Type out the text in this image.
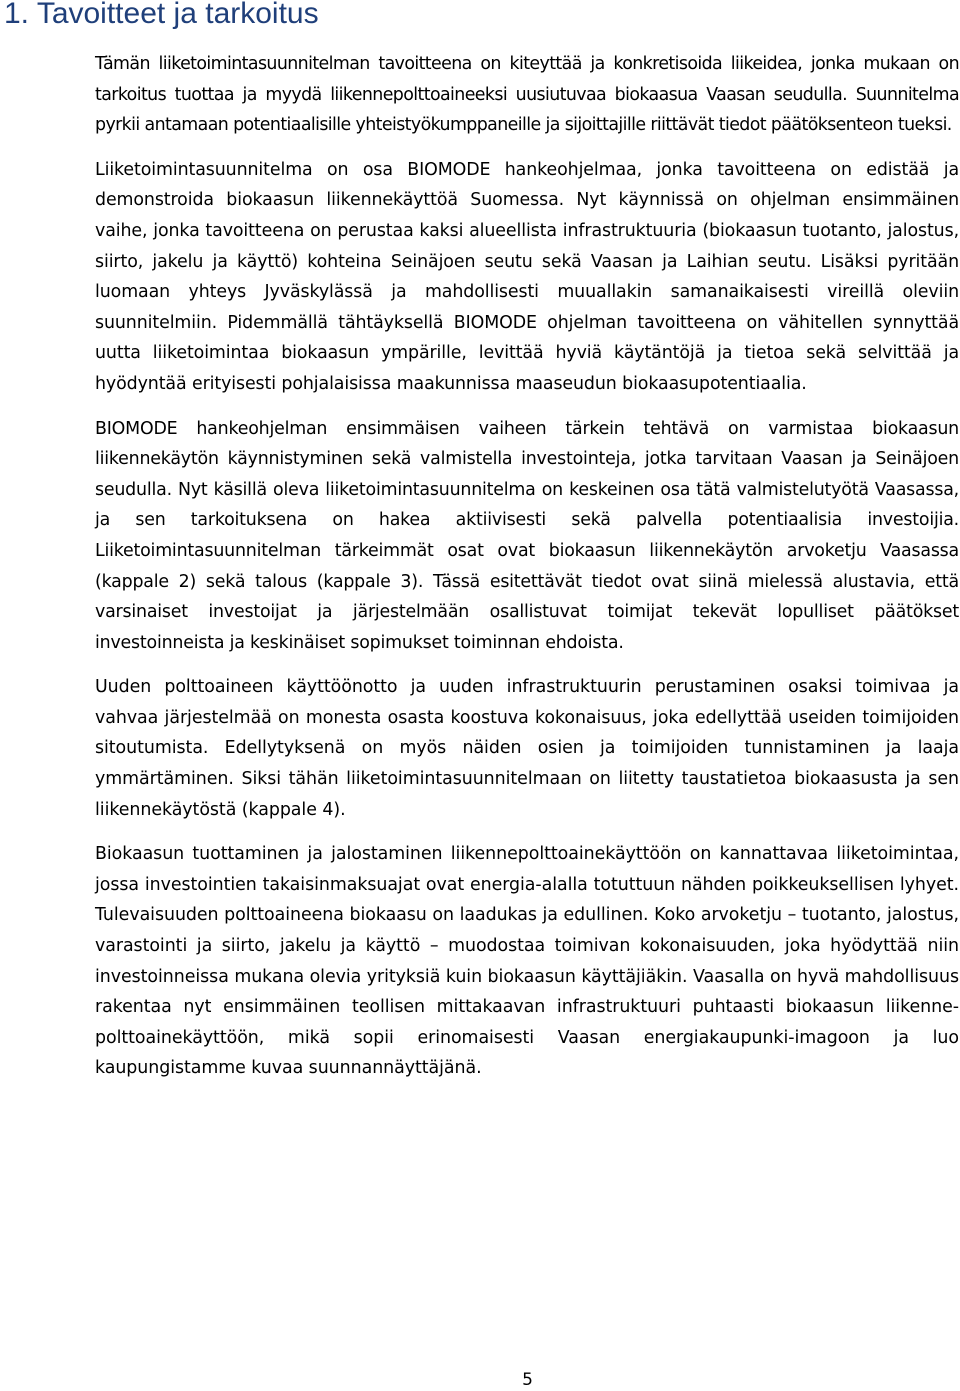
1. Tavoitteet ja tarkoitus

Tämän liiketoimintasuunnitelman tavoitteena on kiteyttää ja konkretisoida liikeidea, jonka mukaan on tarkoitus tuottaa ja myydä liikennepolttoaineeksi uusiutuvaa biokaasua Vaasan seudulla. Suunnitelma pyrkii antamaan potentiaalisille yhteistyökumppaneille ja sijoittajille riittävät tiedot päätöksenteon tueksi.

Liiketoimintasuunnitelma on osa BIOMODE hankeohjelmaa, jonka tavoitteena on edistää ja demonstroida biokaasun liikennekäyttöä Suomessa. Nyt käynnissä on ohjelman ensimmäinen vaihe, jonka tavoitteena on perustaa kaksi alueellista infrastruktuuria (biokaasun tuotanto, jalostus, siirto, jakelu ja käyttö) kohteina Seinäjoen seutu sekä Vaasan ja Laihian seutu. Lisäksi pyritään luomaan yhteys Jyväskylässä ja mahdollisesti muuallakin samanaikaisesti vireillä oleviin suunnitelmiin. Pidemmällä tähtäyksellä BIOMODE ohjelman tavoitteena on vähitellen synnyttää uutta liiketoimintaa biokaasun ympärille, levittää hyviä käytäntöjä ja tietoa sekä selvittää ja hyödyntää erityisesti pohjalaisissa maakunnissa maaseudun biokaasupotentiaalia.

BIOMODE hankeohjelman ensimmäisen vaiheen tärkein tehtävä on varmistaa biokaasun liikennekäytön käynnistyminen sekä valmistella investointeja, jotka tarvitaan Vaasan ja Seinäjoen seudulla. Nyt käsillä oleva liiketoimintasuunnitelma on keskeinen osa tätä valmistelutyötä Vaasassa, ja sen tarkoituksena on hakea aktiivisesti sekä palvella potentiaalisia investoijia. Liiketoimintasuunnitelman tärkeimmät osat ovat biokaasun liikennekäytön arvoketju Vaasassa (kappale 2) sekä talous (kappale 3). Tässä esitettävät tiedot ovat siinä mielessä alustavia, että varsinaiset investoijat ja järjestelmään osallistuvat toimijat tekevät lopulliset päätökset investoinneista ja keskinäiset sopimukset toiminnan ehdoista.

Uuden polttoaineen käyttöönotto ja uuden infrastruktuurin perustaminen osaksi toimivaa ja vahvaa järjestelmää on monesta osasta koostuva kokonaisuus, joka edellyttää useiden toimijoiden sitoutumista. Edellytyksenä on myös näiden osien ja toimijoiden tunnistaminen ja laaja ymmärtäminen. Siksi tähän liiketoimintasuunnitelmaan on liitetty taustatietoa biokaasusta ja sen liikennekäytöstä (kappale 4).

Biokaasun tuottaminen ja jalostaminen liikennepolttoainekäyttöön on kannattavaa liiketoimintaa, jossa investointien takaisinmaksuajat ovat energia-alalla totuttuun nähden poikkeuksellisen lyhyet. Tulevaisuuden polttoaineena biokaasu on laadukas ja edullinen. Koko arvoketju – tuotanto, jalostus, varastointi ja siirto, jakelu ja käyttö – muodostaa toimivan kokonaisuuden, joka hyödyttää niin investoinneissa mukana olevia yrityksiä kuin biokaasun käyttäjiäkin. Vaasalla on hyvä mahdollisuus rakentaa nyt ensimmäinen teollisen mittakaavan infrastruktuuri puhtaasti biokaasun liikennepolttoainekäyttöön, mikä sopii erinomaisesti Vaasan energiakaupunki-imagoon ja luo kaupungistamme kuvaa suunnannäyttäjänä.

5
